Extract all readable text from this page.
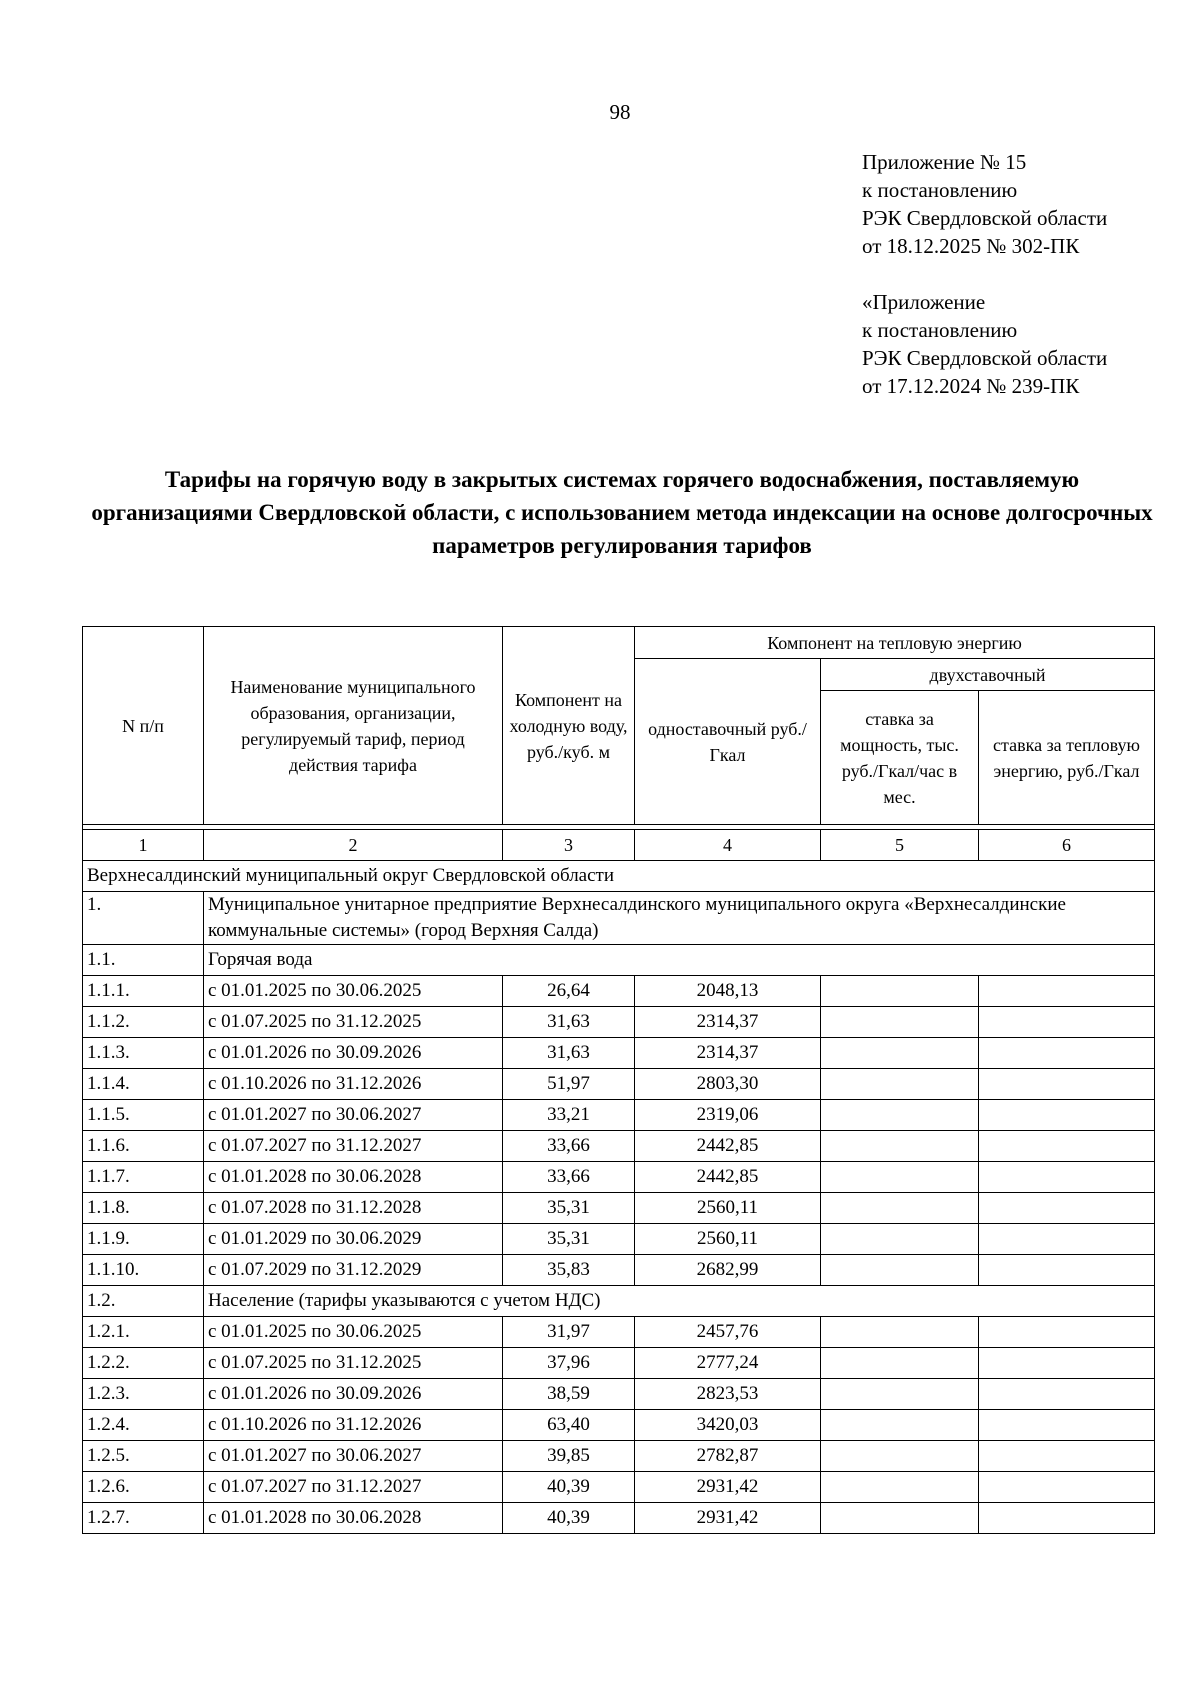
98
Приложение № 15
к постановлению
РЭК Свердловской области
от 18.12.2025 № 302-ПК
«Приложение
к постановлению
РЭК Свердловской области
от 17.12.2024 № 239-ПК
Тарифы на горячую воду в закрытых системах горячего водоснабжения, поставляемую организациями Свердловской области, с использованием метода индексации на основе долгосрочных параметров регулирования тарифов
N п/п	Наименование муниципального образования, организации, регулируемый тариф, период действия тарифа	Компонент на холодную воду, руб./куб. м	Компонент на тепловую энергию		
			одноставочный руб./Гкал	двухставочный	
				ставка за мощность, тыс. руб./Гкал/час в мес.	ставка за тепловую энергию, руб./Гкал

1	2	3	4	5	6
Верхнесалдинский муниципальный округ Свердловской области					
1.	Муниципальное унитарное предприятие Верхнесалдинского муниципального округа «Верхнесалдинские коммунальные системы» (город Верхняя Салда)				
1.1.	Горячая вода				
1.1.1.	с 01.01.2025 по 30.06.2025	26,64	2048,13		
1.1.2.	с 01.07.2025 по 31.12.2025	31,63	2314,37		
1.1.3.	с 01.01.2026 по 30.09.2026	31,63	2314,37		
1.1.4.	с 01.10.2026 по 31.12.2026	51,97	2803,30		
1.1.5.	с 01.01.2027 по 30.06.2027	33,21	2319,06		
1.1.6.	с 01.07.2027 по 31.12.2027	33,66	2442,85		
1.1.7.	с 01.01.2028 по 30.06.2028	33,66	2442,85		
1.1.8.	с 01.07.2028 по 31.12.2028	35,31	2560,11		
1.1.9.	с 01.01.2029 по 30.06.2029	35,31	2560,11		
1.1.10.	с 01.07.2029 по 31.12.2029	35,83	2682,99		
1.2.	Население (тарифы указываются с учетом НДС)				
1.2.1.	с 01.01.2025 по 30.06.2025	31,97	2457,76		
1.2.2.	с 01.07.2025 по 31.12.2025	37,96	2777,24		
1.2.3.	с 01.01.2026 по 30.09.2026	38,59	2823,53		
1.2.4.	с 01.10.2026 по 31.12.2026	63,40	3420,03		
1.2.5.	с 01.01.2027 по 30.06.2027	39,85	2782,87		
1.2.6.	с 01.07.2027 по 31.12.2027	40,39	2931,42		
1.2.7.	с 01.01.2028 по 30.06.2028	40,39	2931,42		
